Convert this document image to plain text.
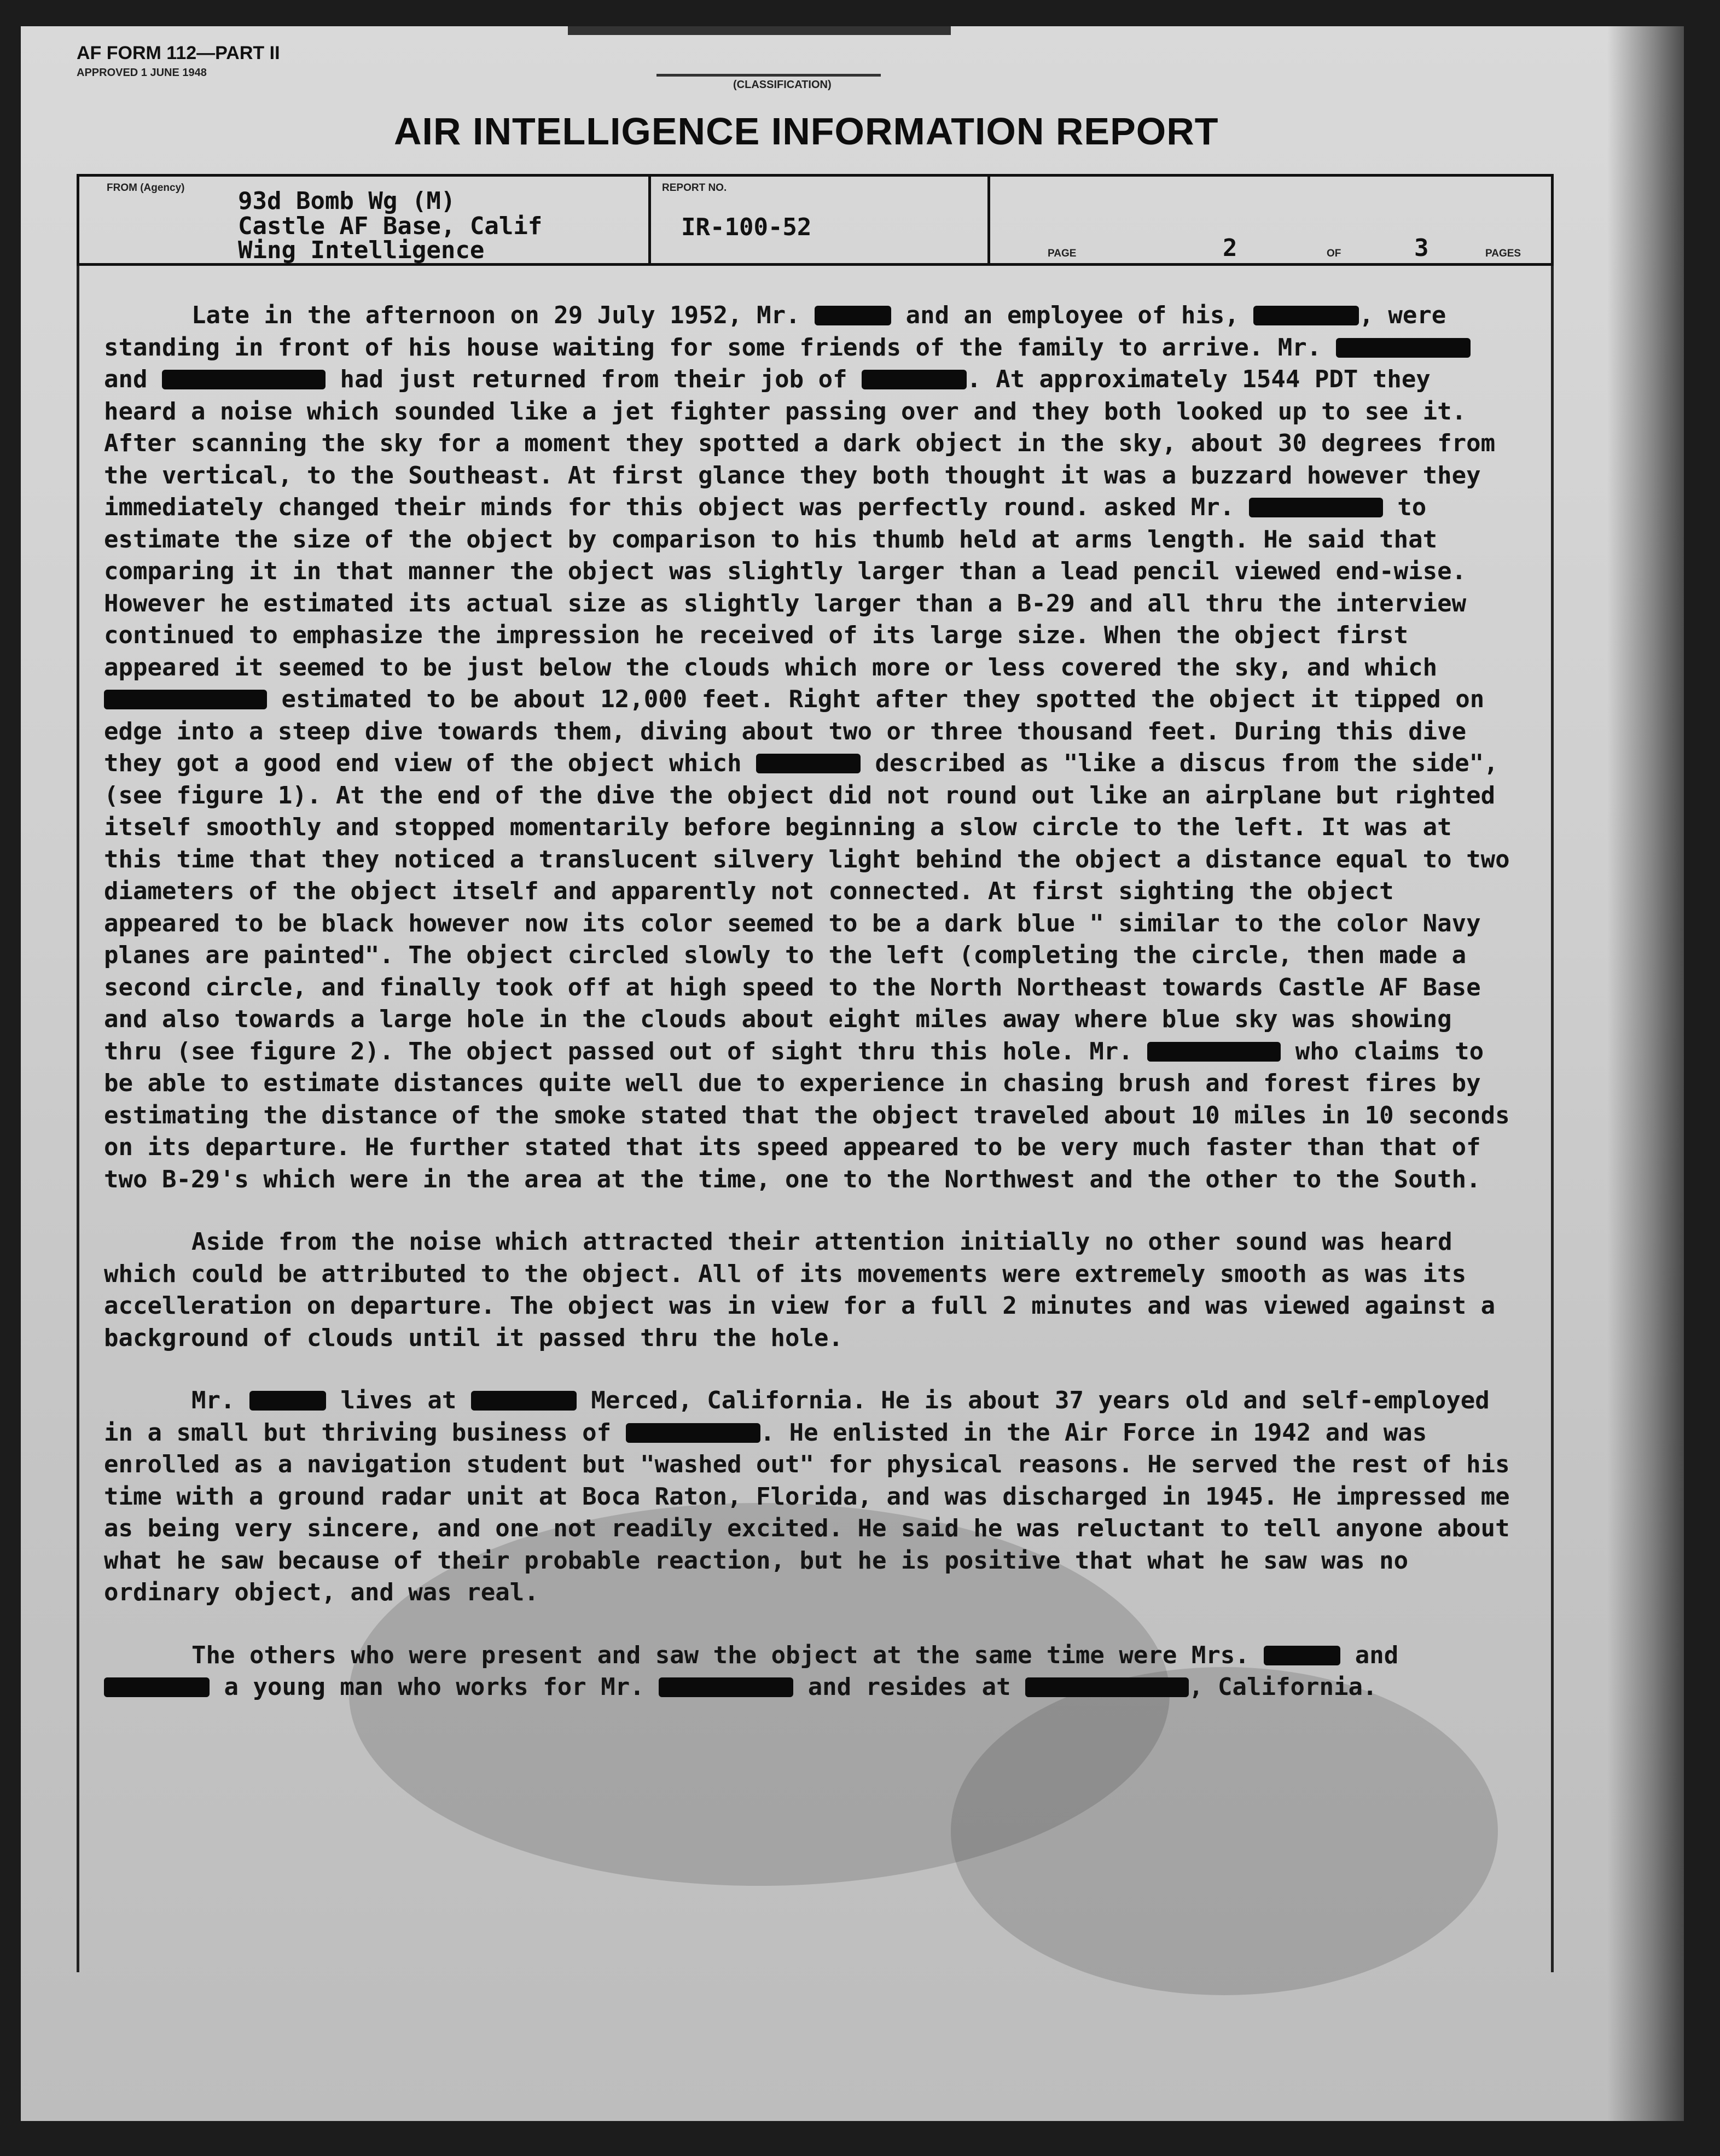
AF FORM 112—PART II
APPROVED 1 JUNE 1948
(CLASSIFICATION)
AIR INTELLIGENCE INFORMATION REPORT
FROM (Agency) 93d Bomb Wg (M)
Castle AF Base, Calif
Wing Intelligence
REPORT NO.
IR-100-52
PAGE	2	OF	3	PAGES

Late in the afternoon on 29 July 1952, Mr.	and an employee of his,	, were standing in front of his house waiting for some friends of the family to arrive. Mr.  and	had just returned from their job of	. At approximately 1544 PDT they heard a noise which sounded like a jet fighter passing over and they both looked up to see it. After scanning the sky for a moment they spotted a dark object in the sky, about 30 degrees from the vertical, to the Southeast. At first glance they both thought it was a buzzard however they immediately changed their minds for this object was perfectly round. asked Mr.	to estimate the size of the object by comparison to his thumb held at arms length. He said that comparing it in that manner the object was slightly larger than a lead pencil viewed end-wise. However he estimated its actual size as slightly larger than a B-29 and all thru the interview continued to emphasize the impression he received of its large size. When the object first appeared it seemed to be just below the clouds which more or less covered the sky, and which  estimated to be about 12,000 feet. Right after they spotted the object it tipped on edge into a steep dive towards them, diving about two or three thousand feet. During this dive they got a good end view of the object which	described as "like a discus from the side", (see figure 1). At the end of the dive the object did not round out like an airplane but righted itself smoothly and stopped momentarily before beginning a slow circle to the left. It was at this time that they noticed a translucent silvery light behind the object a distance equal to two diameters of the object itself and apparently not connected. At first sighting the object appeared to be black however now its color seemed to be a dark blue " similar to the color Navy planes are painted". The object circled slowly to the left (completing the circle, then made a second circle, and finally took off at high speed to the North Northeast towards Castle AF Base and also towards a large hole in the clouds about eight miles away where blue sky was showing thru (see figure 2). The object passed out of sight thru this hole. Mr.	who claims to be able to estimate distances quite well due to experience in chasing brush and forest fires by estimating the distance of the smoke stated that the object traveled about 10 miles in 10 seconds on its departure. He further stated that its speed appeared to be very much faster than that of two B-29's which were in the area at the time, one to the Northwest and the other to the South.

Aside from the noise which attracted their attention initially no other sound was heard which could be attributed to the object. All of its movements were extremely smooth as was its accelleration on departure. The object was in view for a full 2 minutes and was viewed against a background of clouds until it passed thru the hole.

Mr.	lives at	Merced, California. He is about 37 years old and self-employed in a small but thriving business of	. He enlisted in the Air Force in 1942 and was enrolled as a navigation student but "washed out" for physical reasons. He served the rest of his time with a ground radar unit at Boca Raton, Florida, and was discharged in 1945. He impressed me as being very sincere, and one not readily excited. He said he was reluctant to tell anyone about what he saw because of their probable reaction, but he is positive that what he saw was no ordinary object, and was real.

The others who were present and saw the object at the same time were Mrs.	and  a young man who works for Mr.	and resides at	, California.
